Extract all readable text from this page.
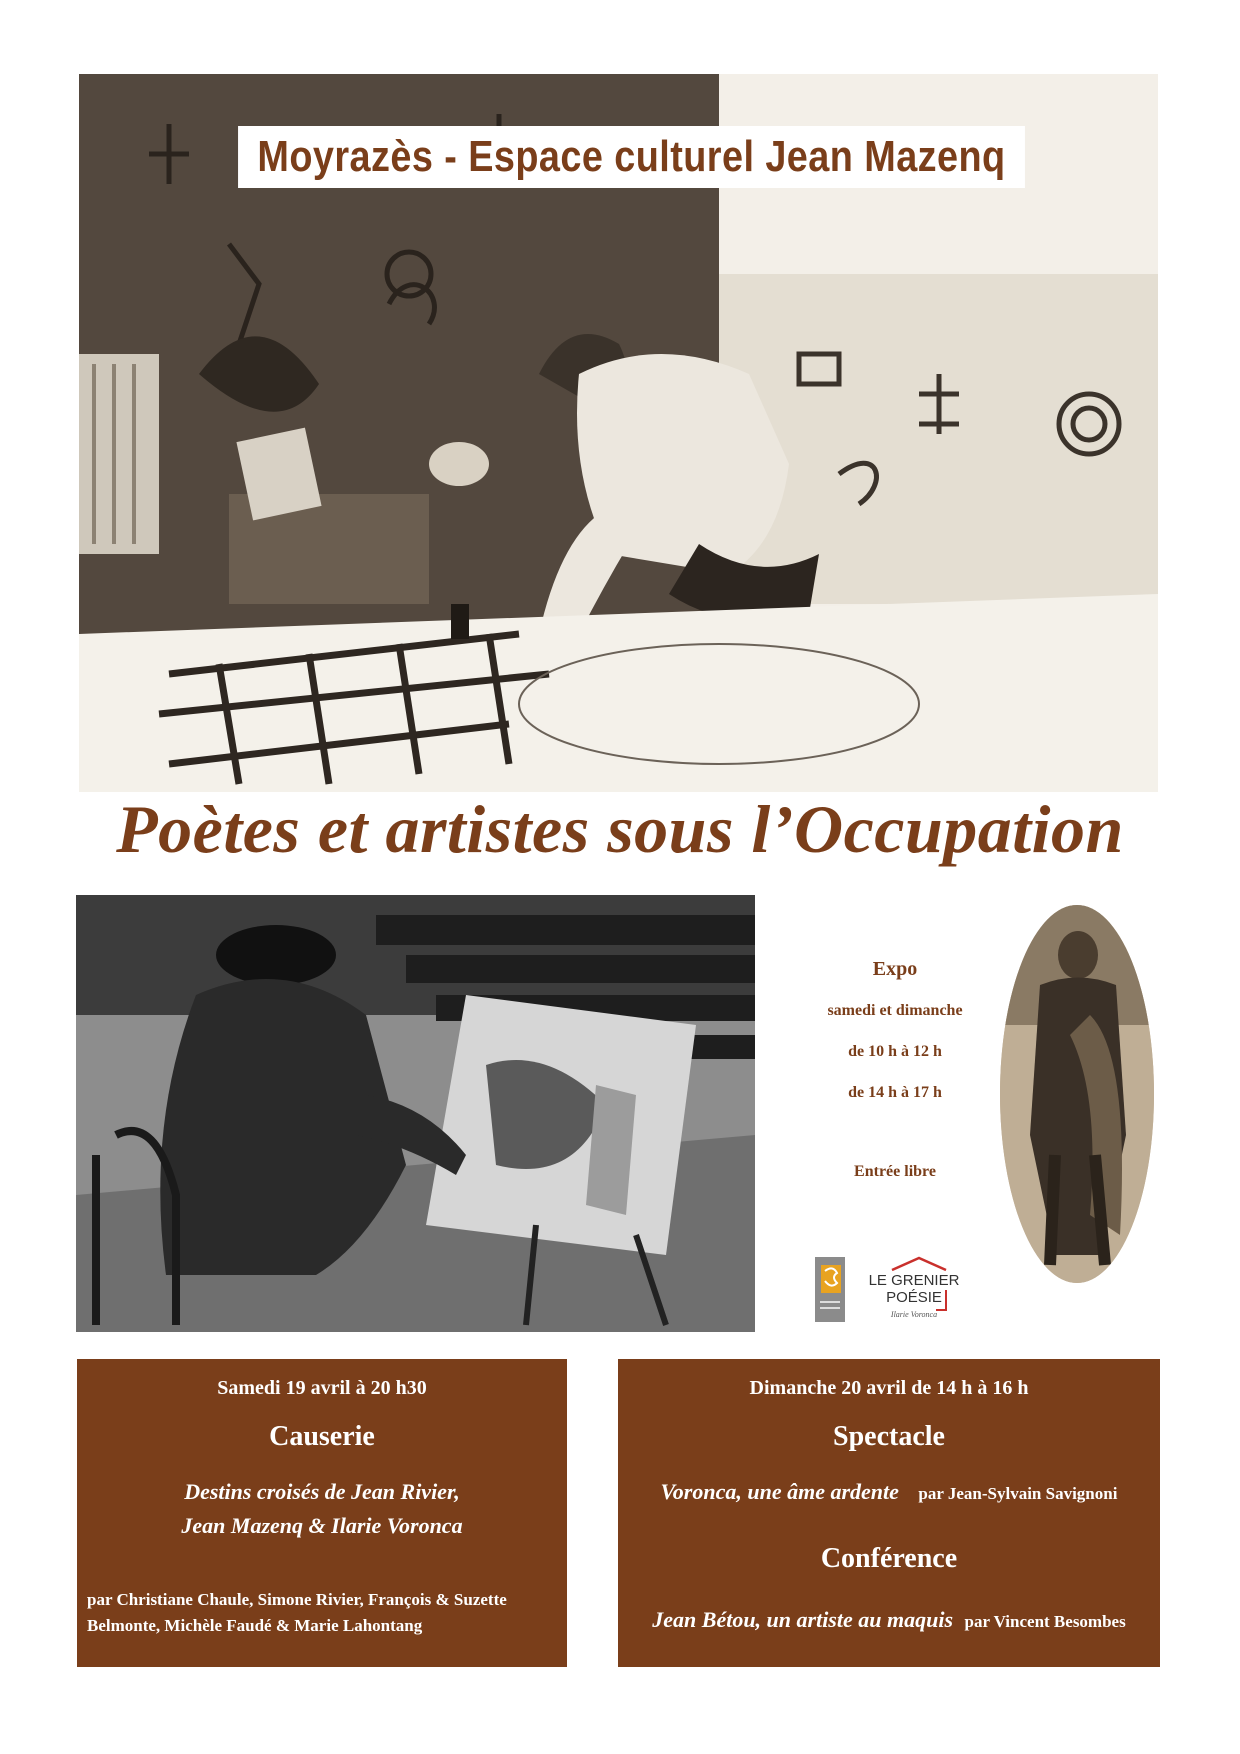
Moyrazès - Espace culturel Jean Mazenq
Poètes et artistes sous l’Occupation
Expo
samedi et dimanche
de 10 h à 12 h
de 14 h à 17 h
Entrée libre
LE GRENIER
POÉSIE
Ilarie Voronca
Samedi 19 avril à 20 h30
Causerie
Destins croisés de Jean Rivier,
Jean Mazenq & Ilarie Voronca
par Christiane Chaule, Simone Rivier, François & Suzette
Belmonte, Michèle Faudé & Marie Lahontang
Dimanche 20 avril de 14 h à 16 h
Spectacle
Voronca, une âme ardente par Jean-Sylvain Savignoni
Conférence
Jean Bétou, un artiste au maquis par Vincent Besombes
